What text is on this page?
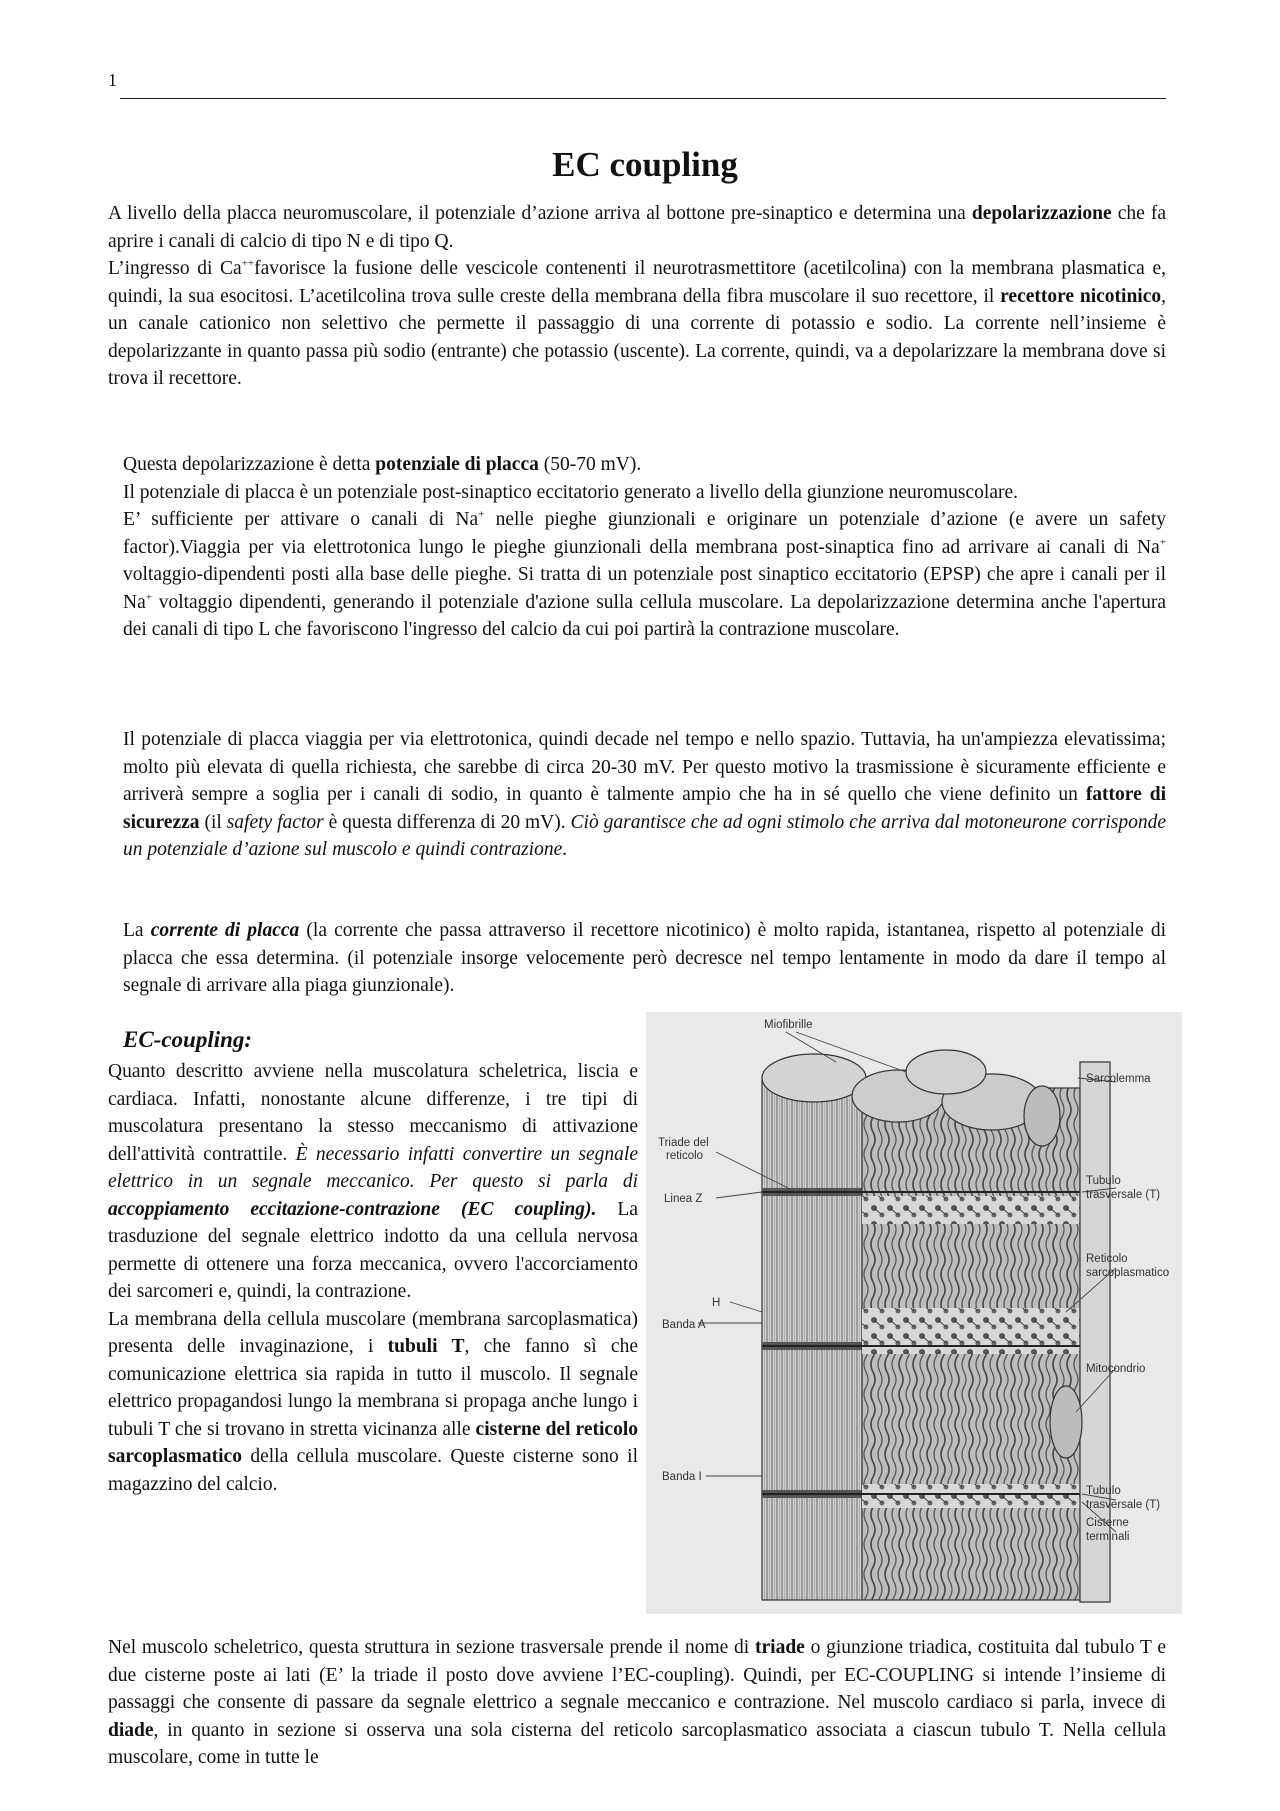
1
EC coupling

A livello della placca neuromuscolare, il potenziale d’azione arriva al bottone pre-sinaptico e determina una depolarizzazione che fa aprire i canali di calcio di tipo N e di tipo Q.

L’ingresso di Ca++favorisce la fusione delle vescicole contenenti il neurotrasmettitore (acetilcolina) con la membrana plasmatica e, quindi, la sua esocitosi. L’acetilcolina trova sulle creste della membrana della fibra muscolare il suo recettore, il recettore nicotinico, un canale cationico non selettivo che permette il passaggio di una corrente di potassio e sodio. La corrente nell’insieme è depolarizzante in quanto passa più sodio (entrante) che potassio (uscente). La corrente, quindi, va a depolarizzare la membrana dove si trova il recettore.

Questa depolarizzazione è detta potenziale di placca (50-70 mV).

Il potenziale di placca è un potenziale post-sinaptico eccitatorio generato a livello della giunzione neuromuscolare.

E’ sufficiente per attivare o canali di Na+ nelle pieghe giunzionali e originare un potenziale d’azione (e avere un safety factor).Viaggia per via elettrotonica lungo le pieghe giunzionali della membrana post-sinaptica fino ad arrivare ai canali di Na+ voltaggio-dipendenti posti alla base delle pieghe. Si tratta di un potenziale post sinaptico eccitatorio (EPSP) che apre i canali per il Na+ voltaggio dipendenti, generando il potenziale d'azione sulla cellula muscolare. La depolarizzazione determina anche l'apertura dei canali di tipo L che favoriscono l'ingresso del calcio da cui poi partirà la contrazione muscolare.

Il potenziale di placca viaggia per via elettrotonica, quindi decade nel tempo e nello spazio. Tuttavia, ha un'ampiezza elevatissima; molto più elevata di quella richiesta, che sarebbe di circa 20-30 mV. Per questo motivo la trasmissione è sicuramente efficiente e arriverà sempre a soglia per i canali di sodio, in quanto è talmente ampio che ha in sé quello che viene definito un fattore di sicurezza (il safety factor è questa differenza di 20 mV). Ciò garantisce che ad ogni stimolo che arriva dal motoneurone corrisponde un potenziale d’azione sul muscolo e quindi contrazione.

La corrente di placca (la corrente che passa attraverso il recettore nicotinico) è molto rapida, istantanea, rispetto al potenziale di placca che essa determina. (il potenziale insorge velocemente però decresce nel tempo lentamente in modo da dare il tempo al segnale di arrivare alla piaga giunzionale).

EC-coupling:

Quanto descritto avviene nella muscolatura scheletrica, liscia e cardiaca. Infatti, nonostante alcune differenze, i tre tipi di muscolatura presentano la stesso meccanismo di attivazione dell'attività contrattile. È necessario infatti convertire un segnale elettrico in un segnale meccanico. Per questo si parla di accoppiamento eccitazione-contrazione (EC coupling). La trasduzione del segnale elettrico indotto da una cellula nervosa permette di ottenere una forza meccanica, ovvero l'accorciamento dei sarcomeri e, quindi, la contrazione.

La membrana della cellula muscolare (membrana sarcoplasmatica) presenta delle invaginazione, i tubuli T, che fanno sì che comunicazione elettrica sia rapida in tutto il muscolo. Il segnale elettrico propagandosi lungo la membrana si propaga anche lungo i tubuli T che si trovano in stretta vicinanza alle cisterne del reticolo sarcoplasmatico della cellula muscolare. Queste cisterne sono il magazzino del calcio.

Miofibrille
Sarcolemma
Triade del
reticolo
Linea Z
Tubulo
trasversale (T)
Reticolo
sarcoplasmatico
H
Banda A
Mitocondrio
Banda I
Tubulo
trasversale (T)
Cisterne
terminali

Nel muscolo scheletrico, questa struttura in sezione trasversale prende il nome di triade o giunzione triadica, costituita dal tubulo T e due cisterne poste ai lati (E’ la triade il posto dove avviene l’EC-coupling). Quindi, per EC-COUPLING si intende l’insieme di passaggi che consente di passare da segnale elettrico a segnale meccanico e contrazione. Nel muscolo cardiaco si parla, invece di diade, in quanto in sezione si osserva una sola cisterna del reticolo sarcoplasmatico associata a ciascun tubulo T. Nella cellula muscolare, come in tutte le
